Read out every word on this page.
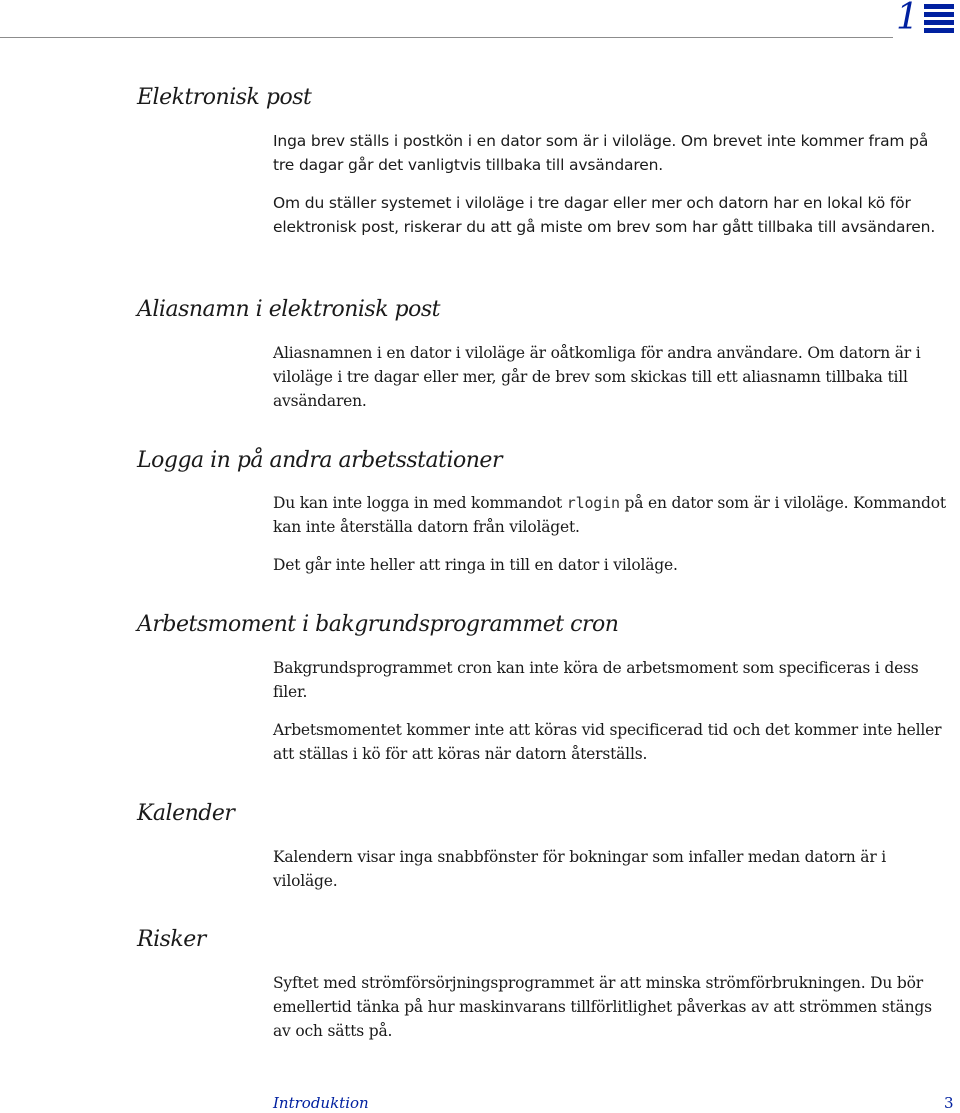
1
Elektronisk post

Inga brev ställs i postkön i en dator som är i viloläge. Om brevet inte kommer fram på tre dagar går det vanligtvis tillbaka till avsändaren.

Om du ställer systemet i viloläge i tre dagar eller mer och datorn har en lokal kö för elektronisk post, riskerar du att gå miste om brev som har gått tillbaka till avsändaren.

Aliasnamn i elektronisk post

Aliasnamnen i en dator i viloläge är oåtkomliga för andra användare. Om datorn är i viloläge i tre dagar eller mer, går de brev som skickas till ett aliasnamn tillbaka till avsändaren.

Logga in på andra arbetsstationer

Du kan inte logga in med kommandot rlogin på en dator som är i viloläge. Kommandot kan inte återställa datorn från viloläget.

Det går inte heller att ringa in till en dator i viloläge.

Arbetsmoment i bakgrundsprogrammet cron

Bakgrundsprogrammet cron kan inte köra de arbetsmoment som specificeras i dess filer.

Arbetsmomentet kommer inte att köras vid specificerad tid och det kommer inte heller att ställas i kö för att köras när datorn återställs.

Kalender

Kalendern visar inga snabbfönster för bokningar som infaller medan datorn är i viloläge.

Risker

Syftet med strömförsörjningsprogrammet är att minska strömförbrukningen. Du bör emellertid tänka på hur maskinvarans tillförlitlighet påverkas av att strömmen stängs av och sätts på.

Introduktion	3
